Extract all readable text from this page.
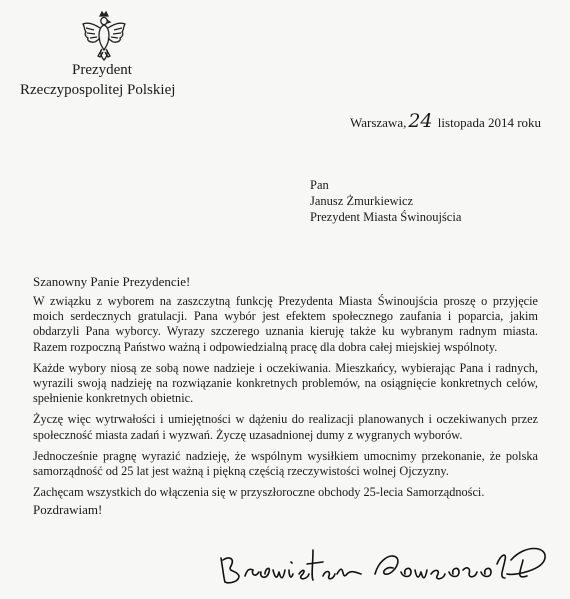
Prezydent
Rzeczypospolitej Polskiej
Warszawa, 24 listopada 2014 roku
Pan
Janusz Żmurkiewicz
Prezydent Miasta Świnoujścia
Szanowny Panie Prezydencie!

W związku z wyborem na zaszczytną funkcję Prezydenta Miasta Świnoujścia proszę o przyjęcie moich serdecznych gratulacji. Pana wybór jest efektem społecznego zaufania i poparcia, jakim obdarzyli Pana wyborcy. Wyrazy szczerego uznania kieruję także ku wybranym radnym miasta. Razem rozpoczną Państwo ważną i odpowiedzialną pracę dla dobra całej miejskiej wspólnoty.

Każde wybory niosą ze sobą nowe nadzieje i oczekiwania. Mieszkańcy, wybierając Pana i radnych, wyrazili swoją nadzieję na rozwiązanie konkretnych problemów, na osiągnięcie konkretnych celów, spełnienie konkretnych obietnic.

Życzę więc wytrwałości i umiejętności w dążeniu do realizacji planowanych i oczekiwanych przez społeczność miasta zadań i wyzwań. Życzę uzasadnionej dumy z wygranych wyborów.

Jednocześnie pragnę wyrazić nadzieję, że wspólnym wysiłkiem umocnimy przekonanie, że polska samorządność od 25 lat jest ważną i piękną częścią rzeczywistości wolnej Ojczyzny.

Zachęcam wszystkich do włączenia się w przyszłoroczne obchody 25-lecia Samorządności.

Pozdrawiam!
